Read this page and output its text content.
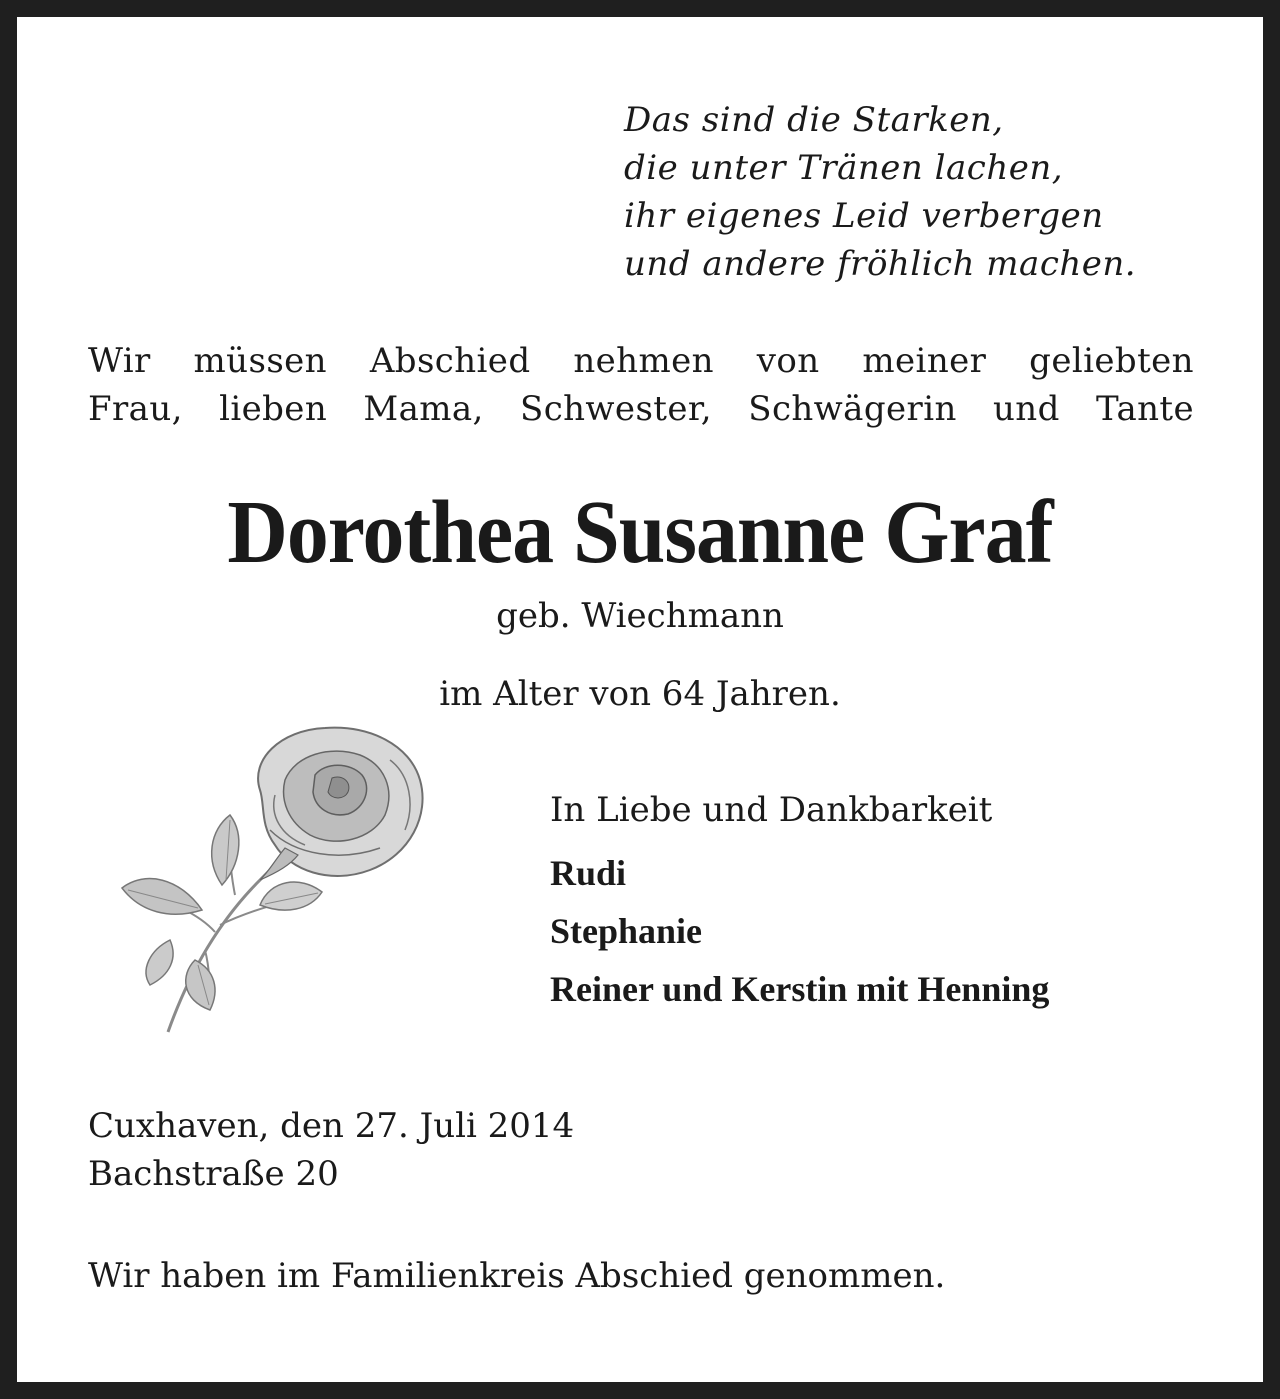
Das sind die Starken,
die unter Tränen lachen,
ihr eigenes Leid verbergen
und andere fröhlich machen.
Wir müssen Abschied nehmen von meiner geliebten
Frau, lieben Mama, Schwester, Schwägerin und Tante
Dorothea Susanne Graf
geb. Wiechmann
im Alter von 64 Jahren.
In Liebe und Dankbarkeit
Rudi
Stephanie
Reiner und Kerstin mit Henning
Cuxhaven, den 27. Juli 2014
Bachstraße 20
Wir haben im Familienkreis Abschied genommen.
